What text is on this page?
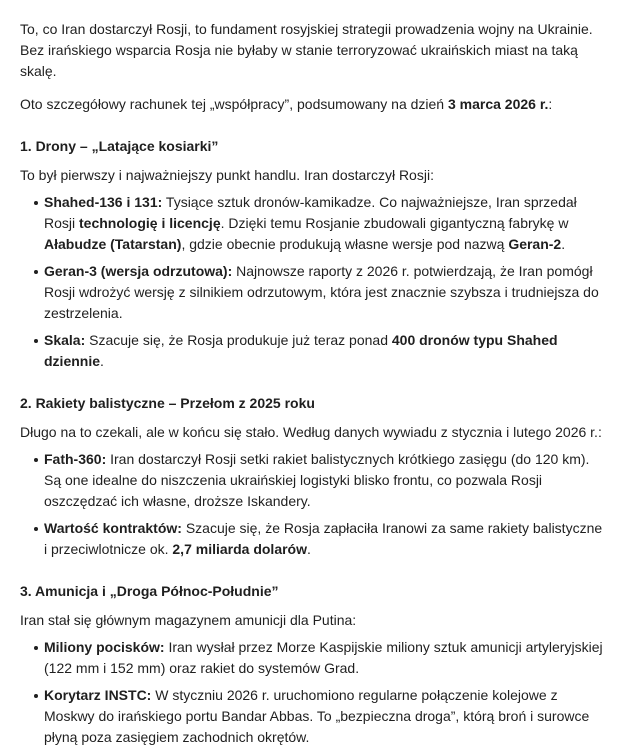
To, co Iran dostarczył Rosji, to fundament rosyjskiej strategii prowadzenia wojny na Ukrainie. Bez irańskiego wsparcia Rosja nie byłaby w stanie terroryzować ukraińskich miast na taką skalę.

Oto szczegółowy rachunek tej „współpracy”, podsumowany na dzień 3 marca 2026 r.:

1. Drony – „Latające kosiarki”

To był pierwszy i najważniejszy punkt handlu. Iran dostarczył Rosji:

Shahed-136 i 131: Tysiące sztuk dronów-kamikadze. Co najważniejsze, Iran sprzedał Rosji technologię i licencję. Dzięki temu Rosjanie zbudowali gigantyczną fabrykę w Ałabudze (Tatarstan), gdzie obecnie produkują własne wersje pod nazwą Geran-2.
Geran-3 (wersja odrzutowa): Najnowsze raporty z 2026 r. potwierdzają, że Iran pomógł Rosji wdrożyć wersję z silnikiem odrzutowym, która jest znacznie szybsza i trudniejsza do zestrzelenia.
Skala: Szacuje się, że Rosja produkuje już teraz ponad 400 dronów typu Shahed dziennie.
2. Rakiety balistyczne – Przełom z 2025 roku

Długo na to czekali, ale w końcu się stało. Według danych wywiadu z stycznia i lutego 2026 r.:

Fath-360: Iran dostarczył Rosji setki rakiet balistycznych krótkiego zasięgu (do 120 km). Są one idealne do niszczenia ukraińskiej logistyki blisko frontu, co pozwala Rosji oszczędzać ich własne, droższe Iskandery.
Wartość kontraktów: Szacuje się, że Rosja zapłaciła Iranowi za same rakiety balistyczne i przeciwlotnicze ok. 2,7 miliarda dolarów.
3. Amunicja i „Droga Północ-Południe”

Iran stał się głównym magazynem amunicji dla Putina:

Miliony pocisków: Iran wysłał przez Morze Kaspijskie miliony sztuk amunicji artyleryjskiej (122 mm i 152 mm) oraz rakiet do systemów Grad.
Korytarz INSTC: W styczniu 2026 r. uruchomiono regularne połączenie kolejowe z Moskwy do irańskiego portu Bandar Abbas. To „bezpieczna droga”, którą broń i surowce płyną poza zasięgiem zachodnich okrętów.
